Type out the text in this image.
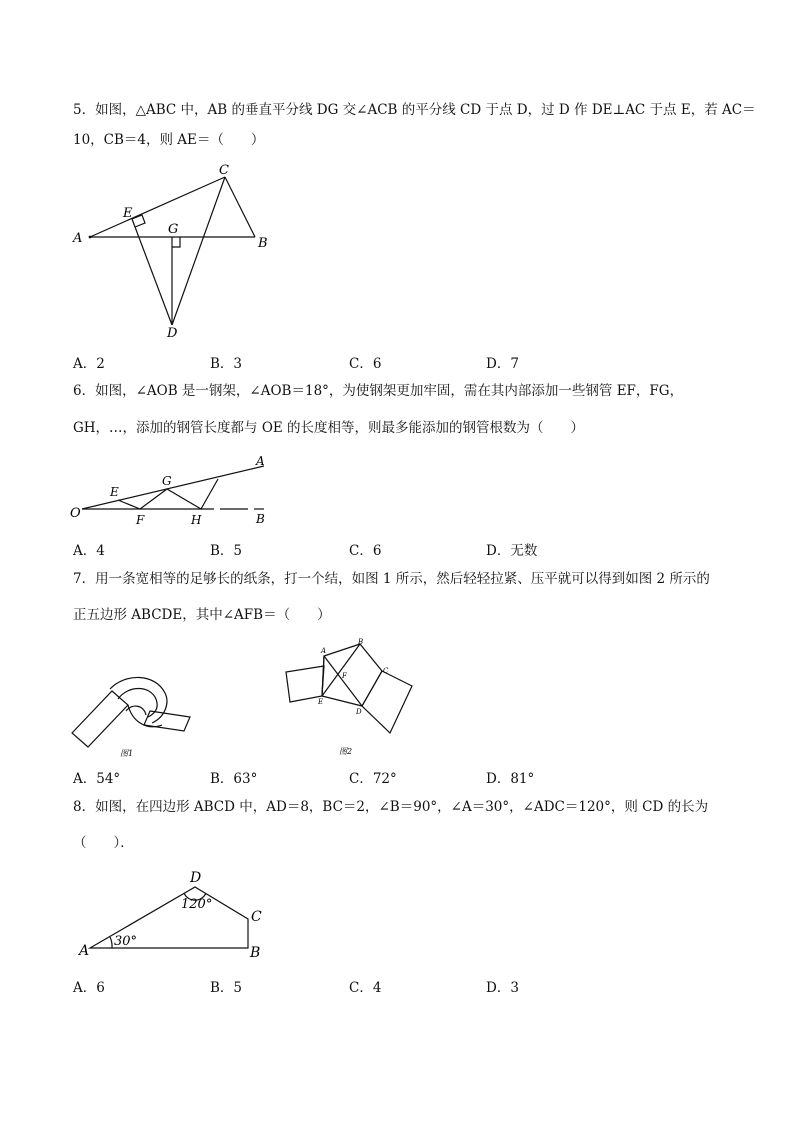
5．如图，△ABC 中，AB 的垂直平分线 DG 交∠ACB 的平分线 CD 于点 D，过 D 作 DE⊥AC 于点 E，若 AC＝
10，CB＝4，则 AE＝（　　）
A	B
C
D
E
G
A．2	B．3	C．6	D．7
6．如图，∠AOB 是一钢架，∠AOB＝18°，为使钢架更加牢固，需在其内部添加一些钢管 EF，FG，
GH，…，添加的钢管长度都与 OE 的长度相等，则最多能添加的钢管根数为（　　）
O
A
B
E
F
G
H
A．4	B．5	C．6	D．无数
7．用一条宽相等的足够长的纸条，打一个结，如图 1 所示，然后轻轻拉紧、压平就可以得到如图 2 所示的
正五边形 ABCDE，其中∠AFB＝（　　）
图1
A
B
C
D
E
F
图2
A．54°	B．63°	C．72°	D．81°
8．如图，在四边形 ABCD 中，AD＝8，BC＝2，∠B＝90°，∠A＝30°，∠ADC＝120°，则 CD 的长为
（　　）．
A	B
C
D
120°
30°
A．6	B．5	C．4	D．3
